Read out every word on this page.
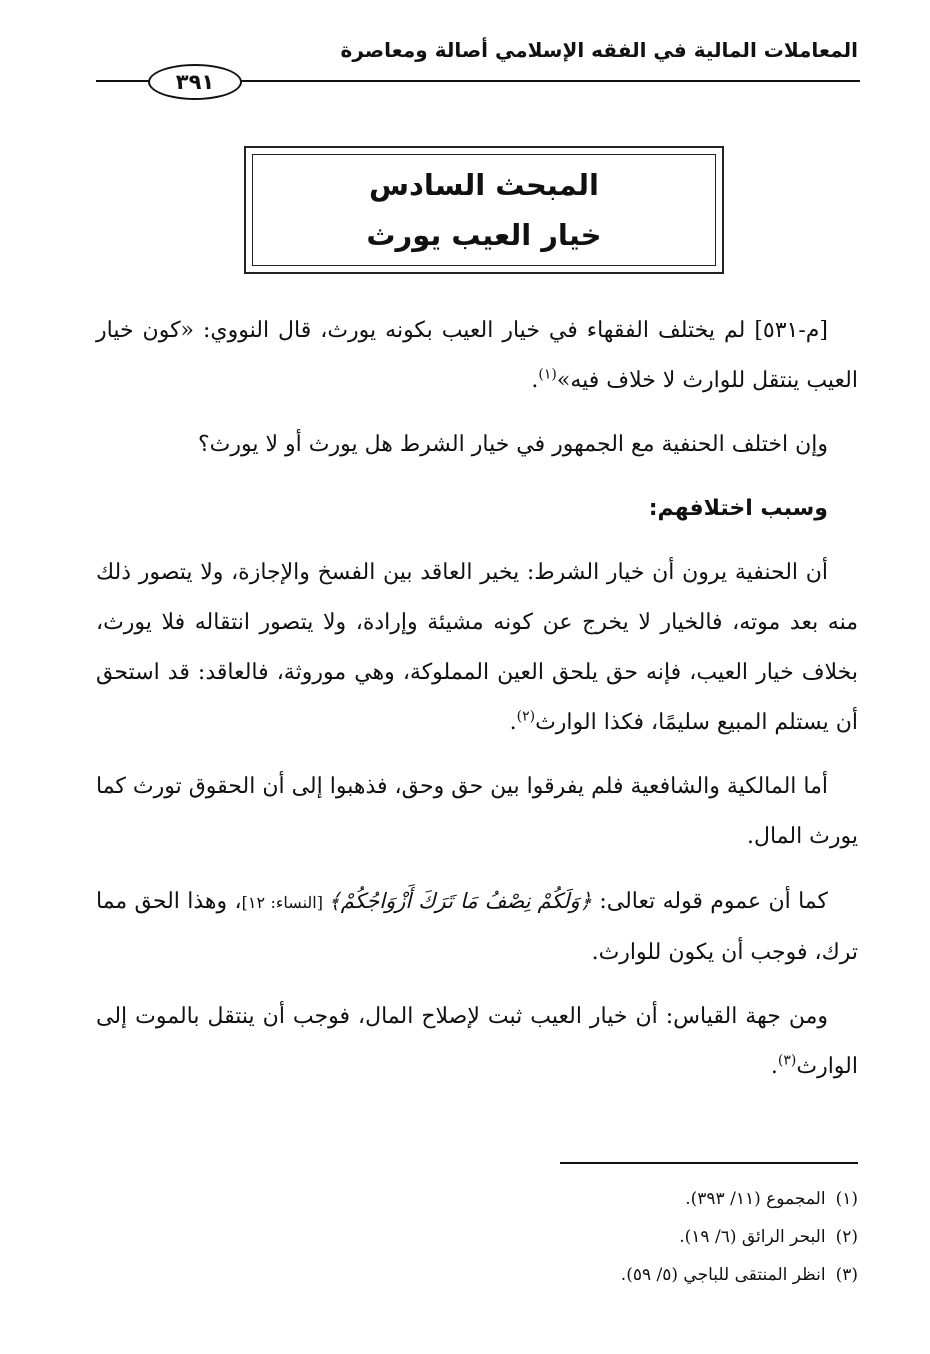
المعاملات المالية في الفقه الإسلامي أصالة ومعاصرة
٣٩١
المبحث السادس
خيار العيب يورث

[م-٥٣١] لم يختلف الفقهاء في خيار العيب بكونه يورث، قال النووي: «كون خيار العيب ينتقل للوارث لا خلاف فيه»$^{(١)}$.

وإن اختلف الحنفية مع الجمهور في خيار الشرط هل يورث أو لا يورث؟

وسبب اختلافهم:

أن الحنفية يرون أن خيار الشرط: يخير العاقد بين الفسخ والإجازة، ولا يتصور ذلك منه بعد موته، فالخيار لا يخرج عن كونه مشيئة وإرادة، ولا يتصور انتقاله فلا يورث، بخلاف خيار العيب، فإنه حق يلحق العين المملوكة، وهي موروثة، فالعاقد: قد استحق أن يستلم المبيع سليمًا، فكذا الوارث$^{(٢)}$.

أما المالكية والشافعية فلم يفرقوا بين حق وحق، فذهبوا إلى أن الحقوق تورث كما يورث المال.

كما أن عموم قوله تعالى: ﴿وَلَكُمْ نِصْفُ مَا تَرَكَ أَزْوَاجُكُمْ﴾ [النساء: ١٢]، وهذا الحق مما ترك، فوجب أن يكون للوارث.

ومن جهة القياس: أن خيار العيب ثبت لإصلاح المال، فوجب أن ينتقل بالموت إلى الوارث$^{(٣)}$.

(١)المجموع (١١/ ٣٩٣).
(٢)البحر الرائق (٦/ ١٩).
(٣)انظر المنتقى للباجي (٥/ ٥٩).
